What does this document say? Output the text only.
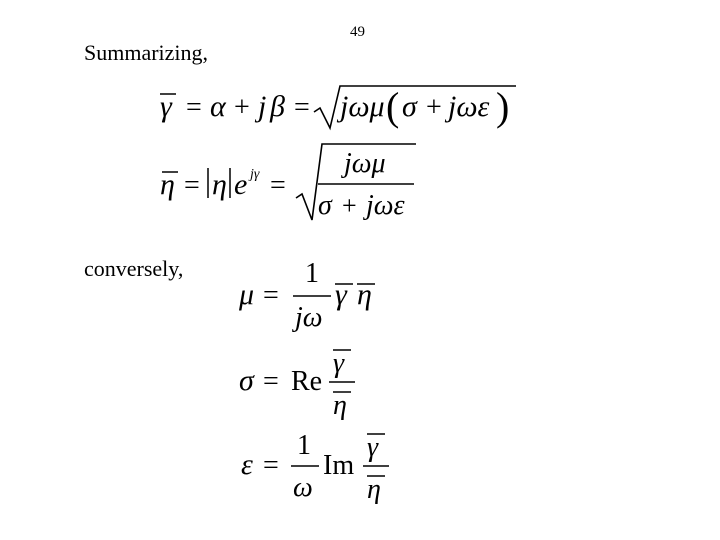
49
Summarizing,
conversely,
γ = α + j β = jωμ ( σ + jωε )
η = η e jγ =
jωμ
σ + jωε
μ =
1
jω
γ η
σ = Re
γ
η
ε =
1
ω
Im
γ
η
